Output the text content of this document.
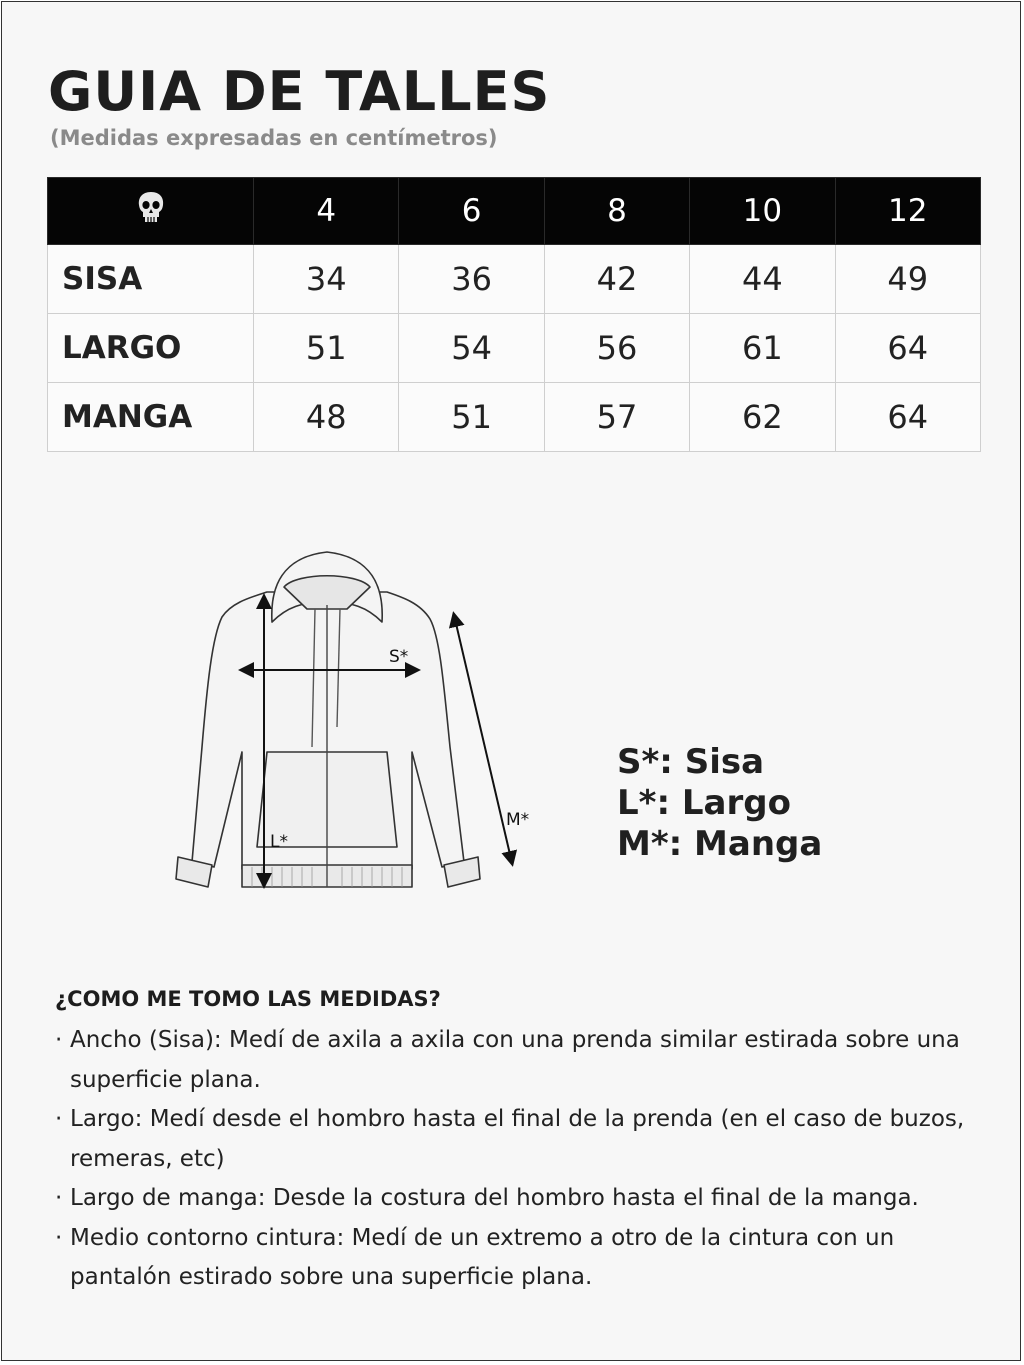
GUIA DE TALLES
(Medidas expresadas en centímetros)
	4	6	8	10	12
SISA	34	36	42	44	49
LARGO	51	54	56	61	64
MANGA	48	51	57	62	64
S*
L*
M*
S*: Sisa
L*: Largo
M*: Manga
¿COMO ME TOMO LAS MEDIDAS?
· Ancho (Sisa): Medí de axila a axila con una prenda similar estirada sobre una superficie plana.
· Largo: Medí desde el hombro hasta el final de la prenda (en el caso de buzos, remeras, etc)
· Largo de manga: Desde la costura del hombro hasta el final de la manga.
· Medio contorno cintura: Medí de un extremo a otro de la cintura con un pantalón estirado sobre una superficie plana.
